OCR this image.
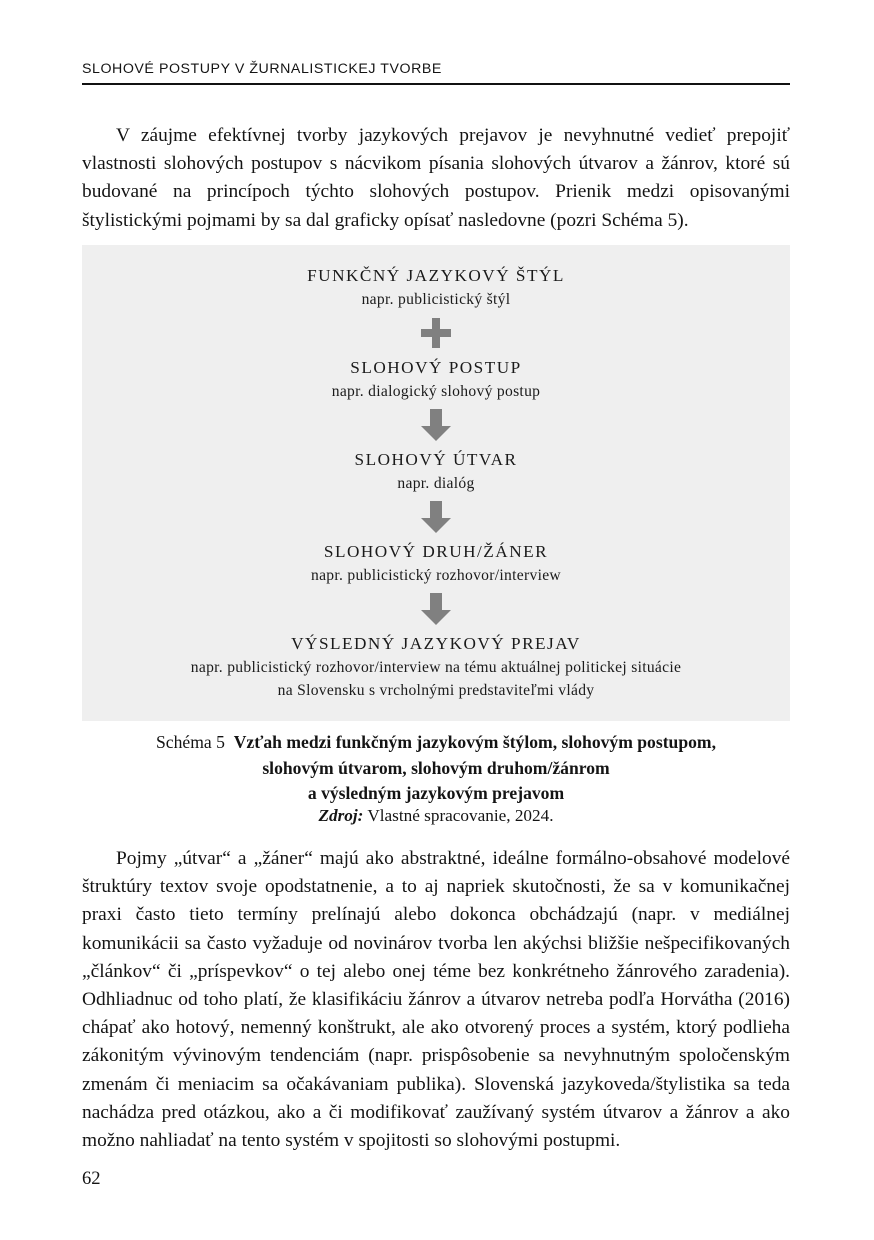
SLOHOVÉ POSTUPY V ŽURNALISTICKEJ TVORBE

V záujme efektívnej tvorby jazykových prejavov je nevyhnutné vedieť prepojiť vlastnosti slohových postupov s nácvikom písania slohových útvarov a žánrov, ktoré sú budované na princípoch týchto slohových postupov. Prienik medzi opisovanými štylistickými pojmami by sa dal graficky opísať nasledovne (pozri Schéma 5).

FUNKČNÝ JAZYKOVÝ ŠTÝL
napr. publicistický štýl
SLOHOVÝ POSTUP
napr. dialogický slohový postup
SLOHOVÝ ÚTVAR
napr. dialóg
SLOHOVÝ DRUH/ŽÁNER
napr. publicistický rozhovor/interview
VÝSLEDNÝ JAZYKOVÝ PREJAV
napr. publicistický rozhovor/interview na tému aktuálnej politickej situácie
na Slovensku s vrcholnými predstaviteľmi vlády
Schéma 5 Vzťah medzi funkčným jazykovým štýlom, slohovým postupom,
slohovým útvarom, slohovým druhom/žánrom
a výsledným jazykovým prejavom
Zdroj: Vlastné spracovanie, 2024.

Pojmy „útvar“ a „žáner“ majú ako abstraktné, ideálne formálno-obsahové modelové štruktúry textov svoje opodstatnenie, a to aj napriek skutočnosti, že sa v komunikačnej praxi často tieto termíny prelínajú alebo dokonca obchádzajú (napr. v mediálnej komunikácii sa často vyžaduje od novinárov tvorba len akýchsi bližšie nešpecifikovaných „článkov“ či „príspevkov“ o tej alebo onej téme bez konkrétneho žánrového zaradenia). Odhliadnuc od toho platí, že klasifikáciu žánrov a útvarov netreba podľa Horvátha (2016) chápať ako hotový, nemenný konštrukt, ale ako otvorený proces a systém, ktorý podlieha zákonitým vývinovým tendenciám (napr. prispôsobenie sa nevyhnutným spoločenským zmenám či meniacim sa očakávaniam publika). Slovenská jazykoveda/štylistika sa teda nachádza pred otázkou, ako a či modifikovať zaužívaný systém útvarov a žánrov a ako možno nahliadať na tento systém v spojitosti so slohovými postupmi.

62
